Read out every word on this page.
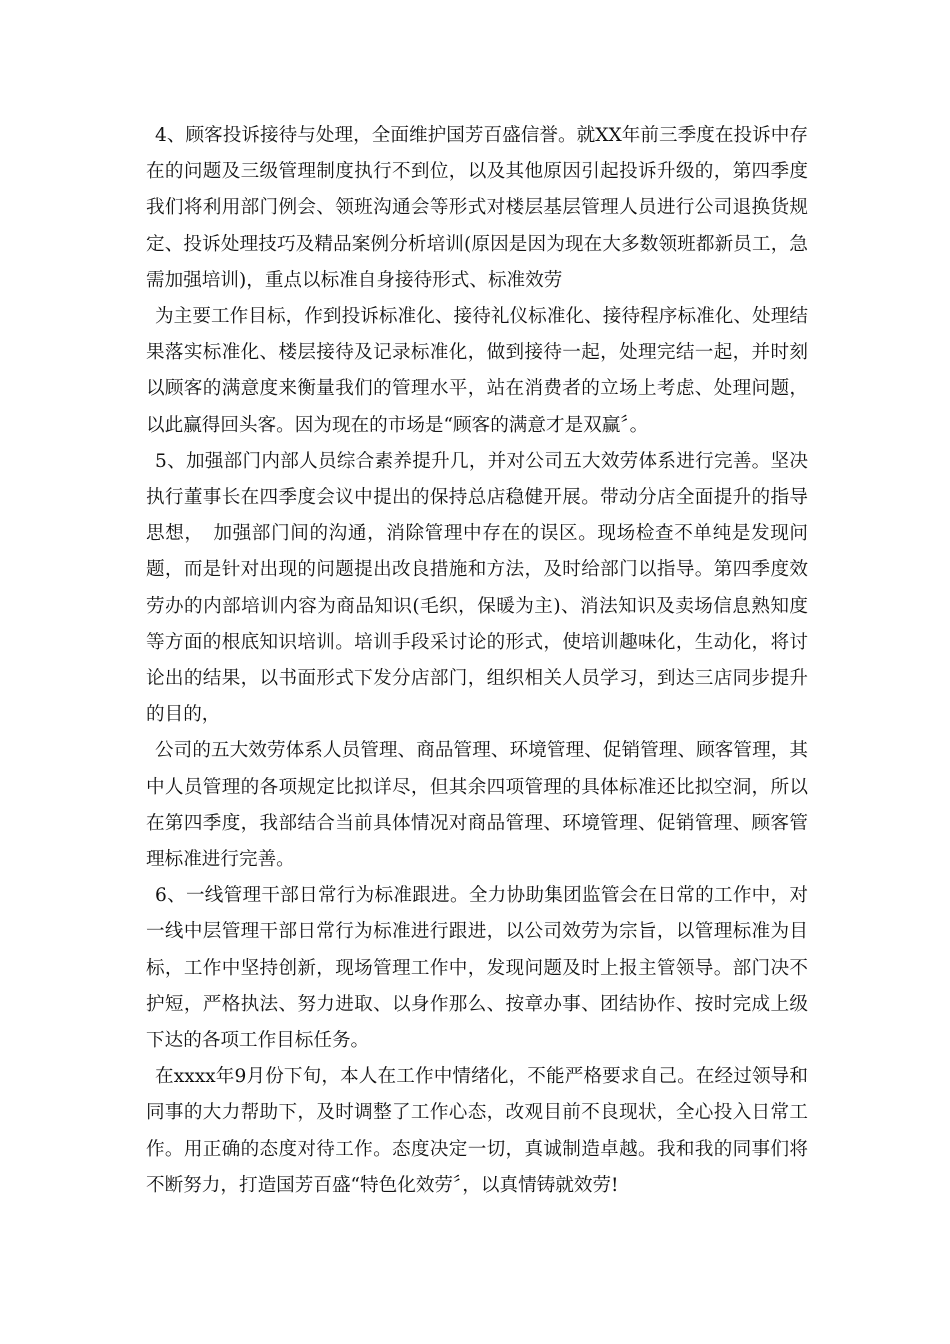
4、顾客投诉接待与处理，全面维护国芳百盛信誉。就XX年前三季度在投诉中存在的问题及三级管理制度执行不到位，以及其他原因引起投诉升级的，第四季度我们将利用部门例会、领班沟通会等形式对楼层基层管理人员进行公司退换货规定、投诉处理技巧及精品案例分析培训(原因是因为现在大多数领班都新员工，急需加强培训)，重点以标准自身接待形式、标准效劳

为主要工作目标，作到投诉标准化、接待礼仪标准化、接待程序标准化、处理结果落实标准化、楼层接待及记录标准化，做到接待一起，处理完结一起，并时刻以顾客的满意度来衡量我们的管理水平，站在消费者的立场上考虑、处理问题，以此赢得回头客。因为现在的市场是“顾客的满意才是双赢〞。

5、加强部门内部人员综合素养提升几，并对公司五大效劳体系进行完善。坚决执行董事长在四季度会议中提出的保持总店稳健开展。带动分店全面提升的指导思想，　加强部门间的沟通，消除管理中存在的误区。现场检查不单纯是发现问题，而是针对出现的问题提出改良措施和方法，及时给部门以指导。第四季度效劳办的内部培训内容为商品知识(毛织，保暖为主)、消法知识及卖场信息熟知度等方面的根底知识培训。培训手段采讨论的形式，使培训趣味化，生动化，将讨论出的结果，以书面形式下发分店部门，组织相关人员学习，到达三店同步提升的目的，

公司的五大效劳体系人员管理、商品管理、环境管理、促销管理、顾客管理，其中人员管理的各项规定比拟详尽，但其余四项管理的具体标准还比拟空洞，所以在第四季度，我部结合当前具体情况对商品管理、环境管理、促销管理、顾客管理标准进行完善。

6、一线管理干部日常行为标准跟进。全力协助集团监管会在日常的工作中，对一线中层管理干部日常行为标准进行跟进，以公司效劳为宗旨，以管理标准为目标，工作中坚持创新，现场管理工作中，发现问题及时上报主管领导。部门决不护短，严格执法、努力进取、以身作那么、按章办事、团结协作、按时完成上级下达的各项工作目标任务。

在xxxx年9月份下旬，本人在工作中情绪化，不能严格要求自己。在经过领导和同事的大力帮助下，及时调整了工作心态，改观目前不良现状，全心投入日常工作。用正确的态度对待工作。态度决定一切，真诚制造卓越。我和我的同事们将不断努力，打造国芳百盛“特色化效劳〞，以真情铸就效劳!
